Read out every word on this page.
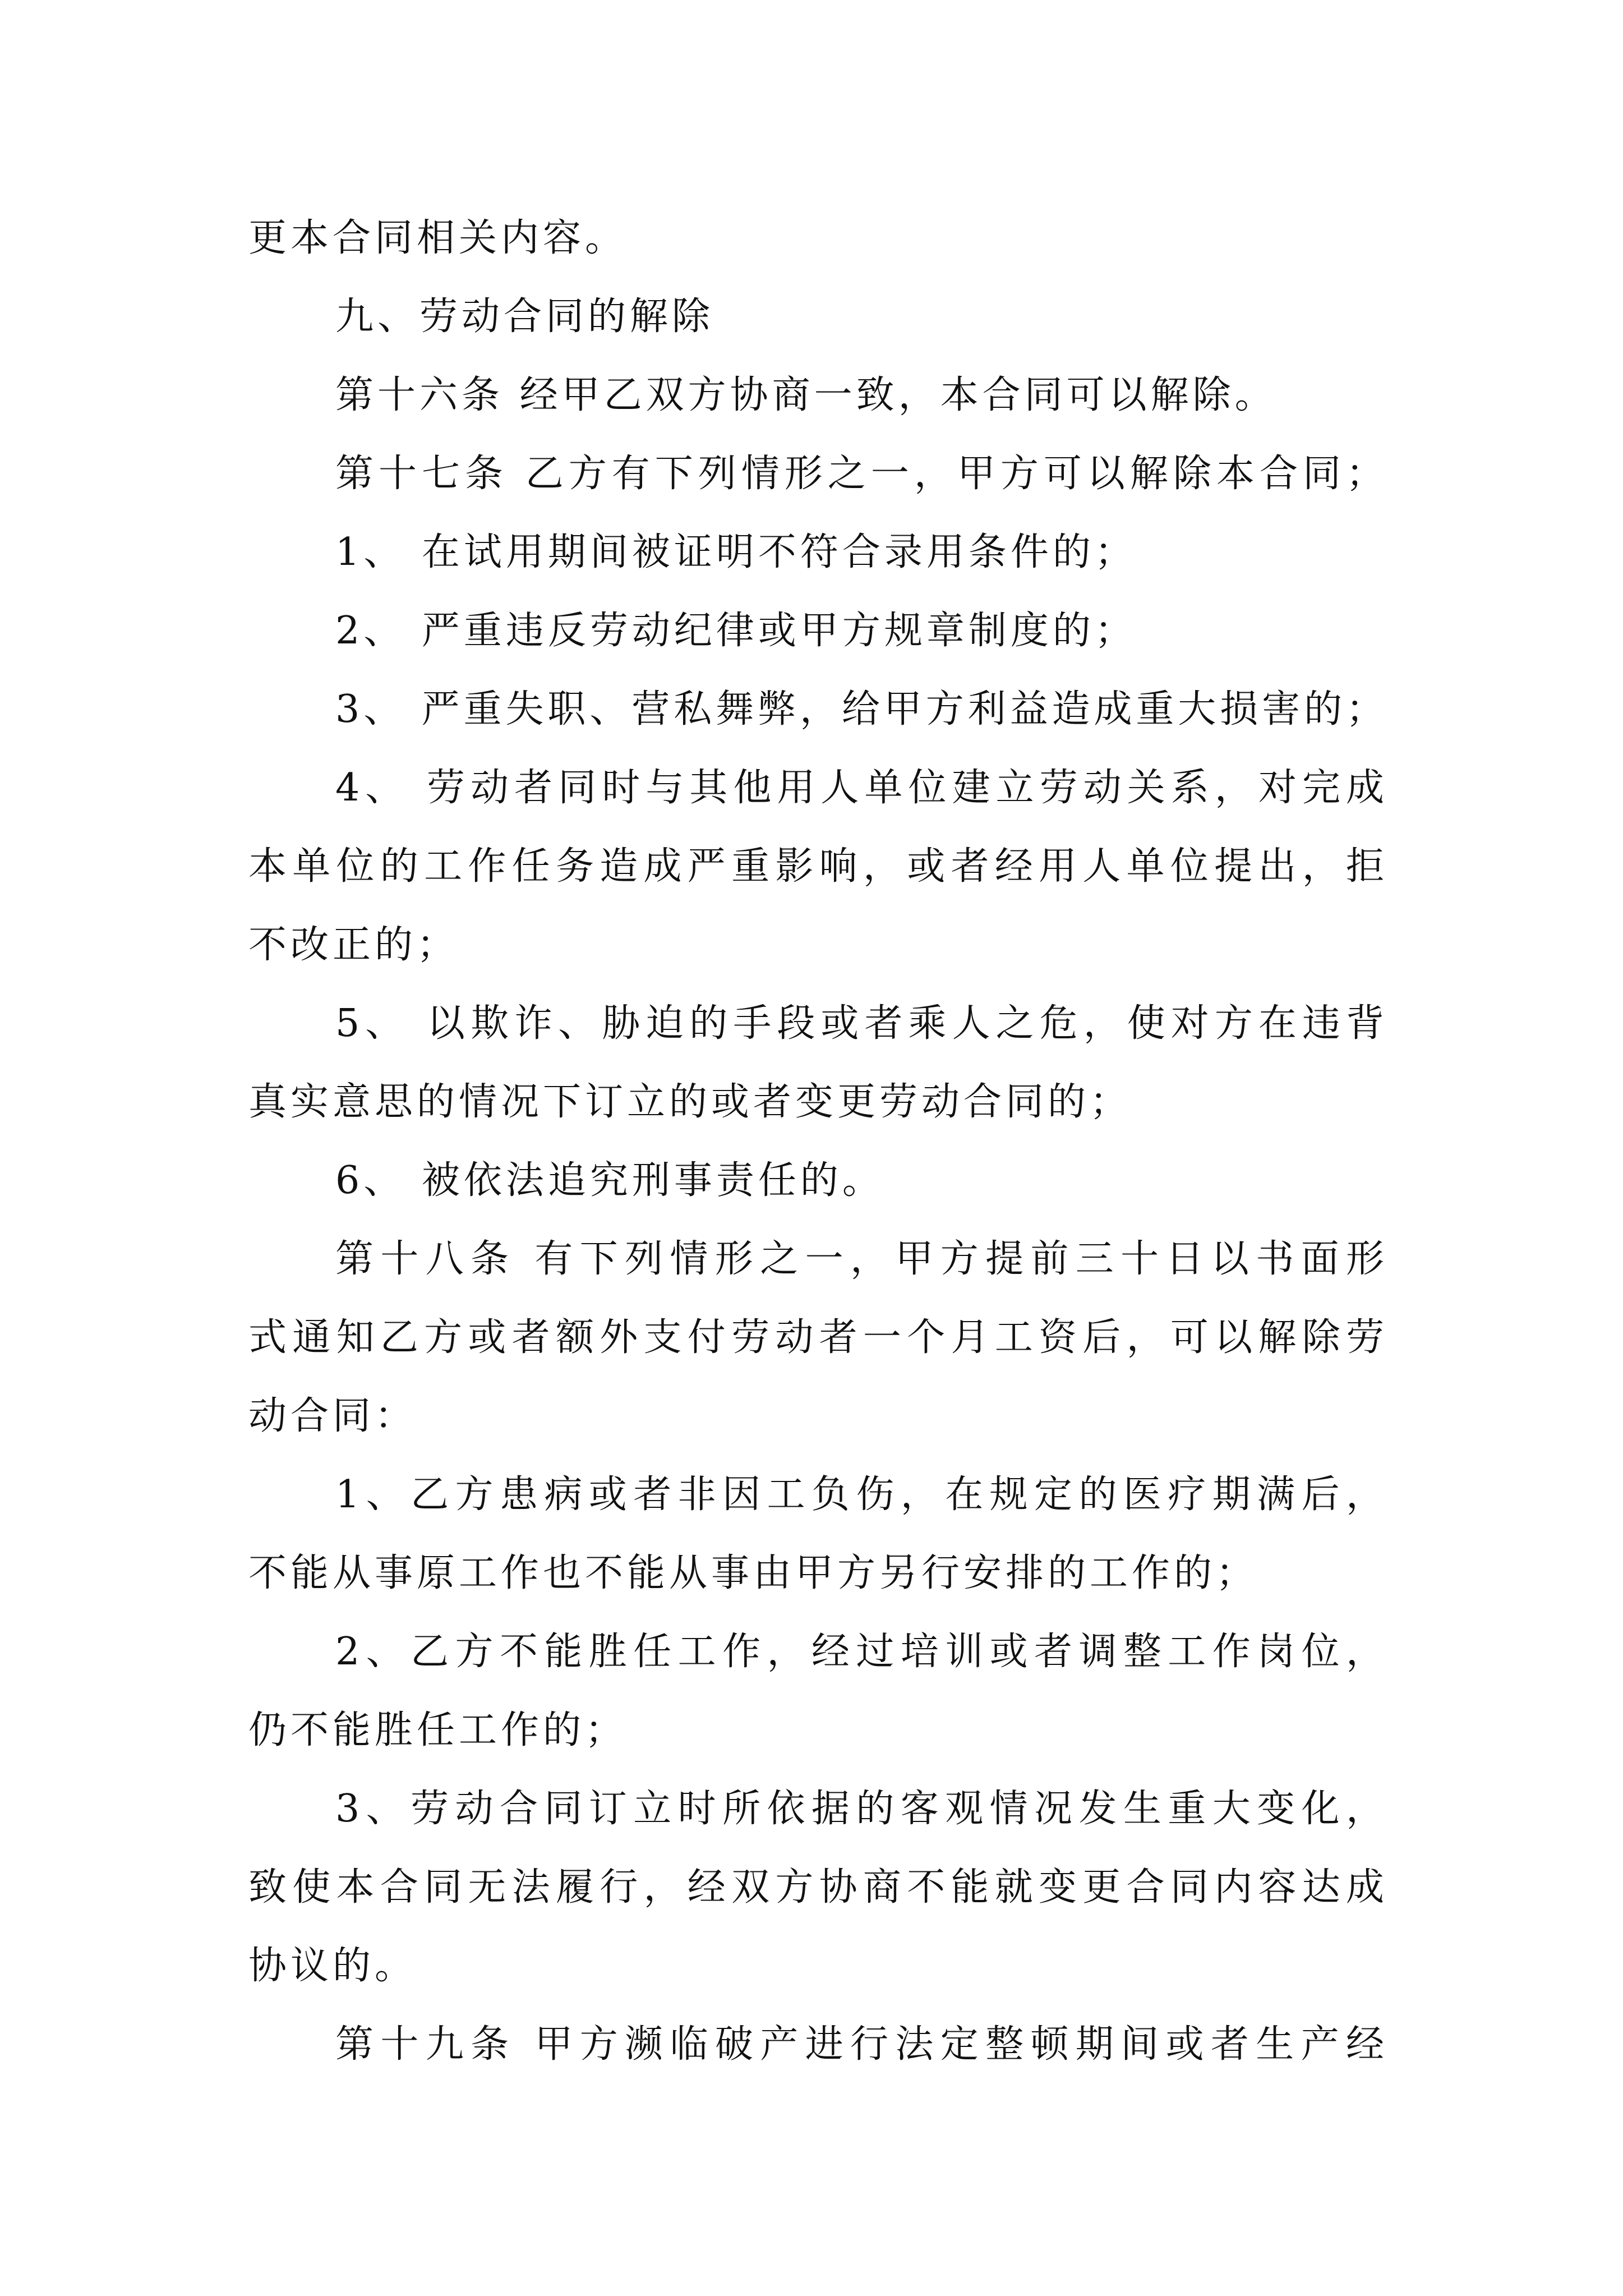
更本合同相关内容。
九、劳动合同的解除
第十六条 经甲乙双方协商一致，本合同可以解除。
第十七条 乙方有下列情形之一，甲方可以解除本合同；
1、 在试用期间被证明不符合录用条件的；
2、 严重违反劳动纪律或甲方规章制度的；
3、 严重失职、营私舞弊，给甲方利益造成重大损害的；
4、 劳动者同时与其他用人单位建立劳动关系，对完成
本单位的工作任务造成严重影响，或者经用人单位提出，拒
不改正的；
5、 以欺诈、胁迫的手段或者乘人之危，使对方在违背
真实意思的情况下订立的或者变更劳动合同的；
6、 被依法追究刑事责任的。
第十八条 有下列情形之一，甲方提前三十日以书面形
式通知乙方或者额外支付劳动者一个月工资后，可以解除劳
动合同：
1、乙方患病或者非因工负伤，在规定的医疗期满后，
不能从事原工作也不能从事由甲方另行安排的工作的；
2、乙方不能胜任工作，经过培训或者调整工作岗位，
仍不能胜任工作的；
3、劳动合同订立时所依据的客观情况发生重大变化，
致使本合同无法履行，经双方协商不能就变更合同内容达成
协议的。
第十九条 甲方濒临破产进行法定整顿期间或者生产经
